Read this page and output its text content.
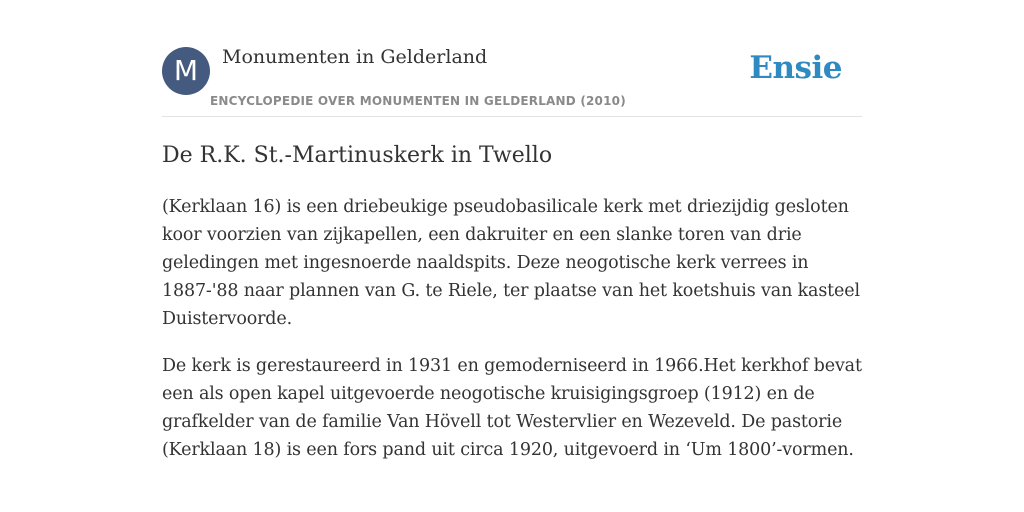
M	Monumenten in Gelderland
ENCYCLOPEDIE OVER MONUMENTEN IN GELDERLAND (2010)
Ensie
De R.K. St.-Martinuskerk in Twello

(Kerklaan 16) is een driebeukige pseudobasilicale kerk met driezijdig gesloten koor voorzien van zijkapellen, een dakruiter en een slanke toren van drie geledingen met ingesnoerde naaldspits. Deze neogotische kerk verrees in 1887-'88 naar plannen van G. te Riele, ter plaatse van het koetshuis van kasteel Duistervoorde.

De kerk is gerestaureerd in 1931 en gemoderniseerd in 1966.Het kerkhof bevat een als open kapel uitgevoerde neogotische kruisigingsgroep (1912) en de grafkelder van de familie Van Hövell tot Westervlier en Wezeveld. De pastorie (Kerklaan 18) is een fors pand uit circa 1920, uitgevoerd in ‘Um 1800’-vormen.
